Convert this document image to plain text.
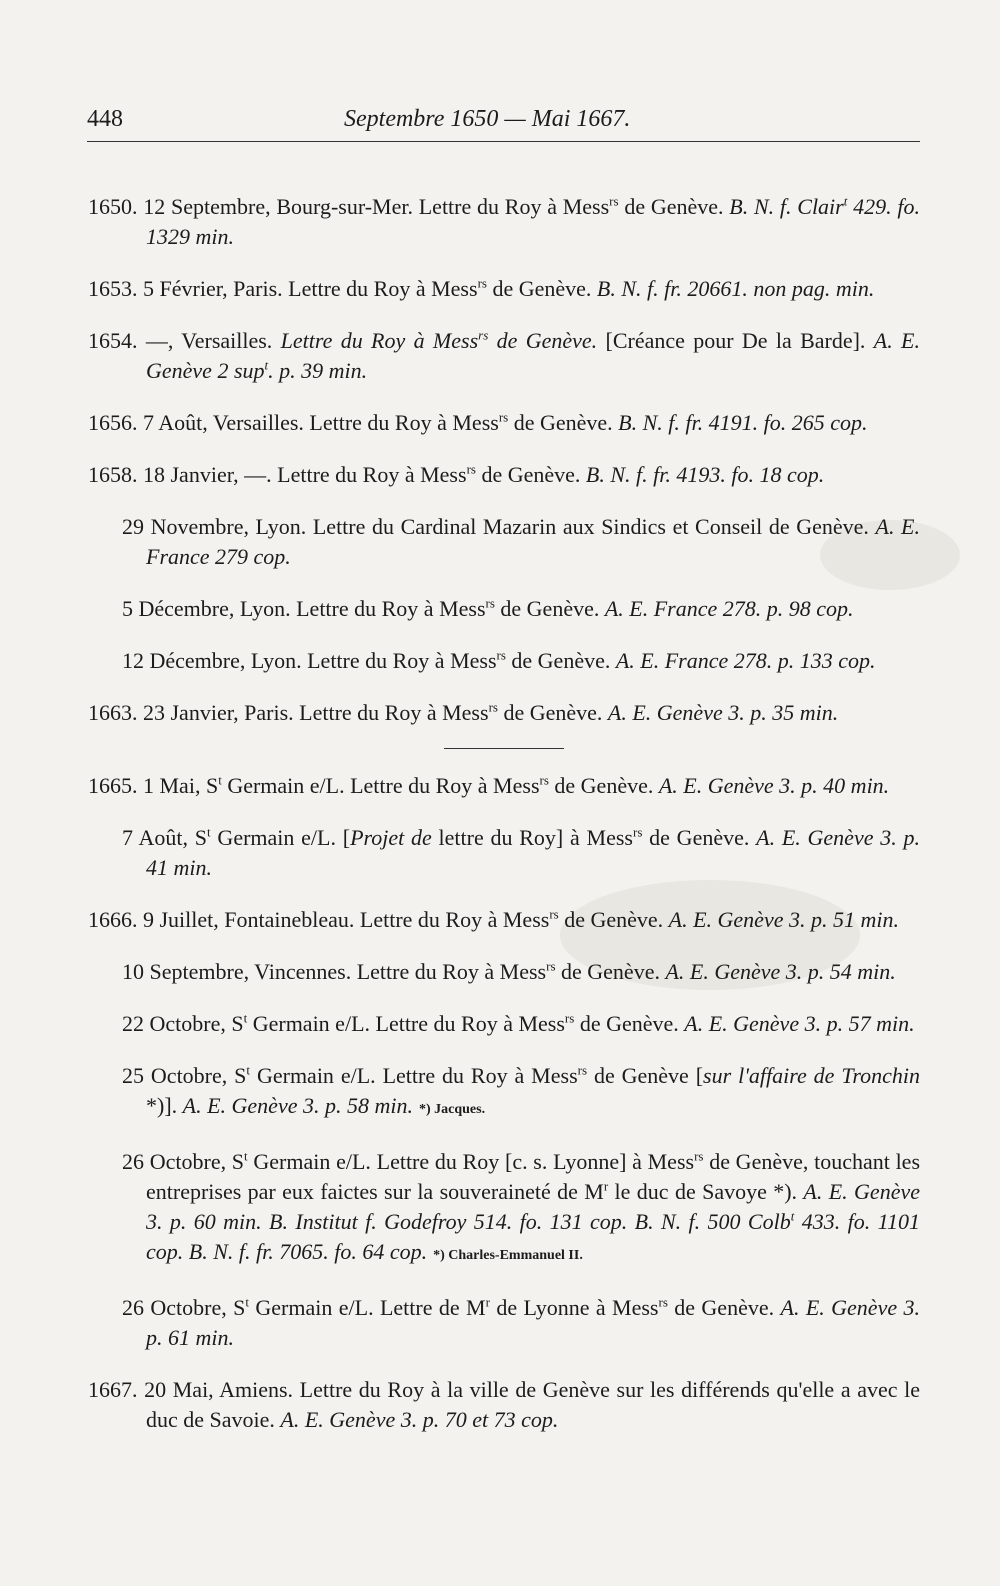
448	Septembre 1650 — Mai 1667.

1650. 12 Septembre, Bourg-sur-Mer. Lettre du Roy à Mess$^{rs}$ de Genève. B. N. f. Clair$^t$ 429. fo. 1329 min.

1653. 5 Février, Paris. Lettre du Roy à Mess$^{rs}$ de Genève. B. N. f. fr. 20661. non pag. min.

1654. —, Versailles. Lettre du Roy à Mess$^{rs}$ de Genève. [Créance pour De la Barde]. A. E. Genève 2 sup$^t$. p. 39 min.

1656. 7 Août, Versailles. Lettre du Roy à Mess$^{rs}$ de Genève. B. N. f. fr. 4191. fo. 265 cop.

1658. 18 Janvier, —. Lettre du Roy à Mess$^{rs}$ de Genève. B. N. f. fr. 4193. fo. 18 cop.

29 Novembre, Lyon. Lettre du Cardinal Mazarin aux Sindics et Conseil de Genève. A. E. France 279 cop.

5 Décembre, Lyon. Lettre du Roy à Mess$^{rs}$ de Genève. A. E. France 278. p. 98 cop.

12 Décembre, Lyon. Lettre du Roy à Mess$^{rs}$ de Genève. A. E. France 278. p. 133 cop.

1663. 23 Janvier, Paris. Lettre du Roy à Mess$^{rs}$ de Genève. A. E. Genève 3. p. 35 min.

1665. 1 Mai, $S^t$ Germain e/L. Lettre du Roy à Mess$^{rs}$ de Genève. A. E. Genève 3. p. 40 min.

7 Août, $S^t$ Germain e/L. [Projet de lettre du Roy] à Mess$^{rs}$ de Genève. A. E. Genève 3. p. 41 min.

1666. 9 Juillet, Fontainebleau. Lettre du Roy à Mess$^{rs}$ de Genève. A. E. Genève 3. p. 51 min.

10 Septembre, Vincennes. Lettre du Roy à Mess$^{rs}$ de Genève. A. E. Genève 3. p. 54 min.

22 Octobre, $S^t$ Germain e/L. Lettre du Roy à Mess$^{rs}$ de Genève. A. E. Genève 3. p. 57 min.

25 Octobre, $S^t$ Germain e/L. Lettre du Roy à Mess$^{rs}$ de Genève [sur l'affaire de Tronchin *)]. A. E. Genève 3. p. 58 min. *) Jacques.

26 Octobre, $S^t$ Germain e/L. Lettre du Roy [c. s. Lyonne] à Mess$^{rs}$ de Genève, touchant les entreprises par eux faictes sur la souveraineté de $M^r$ le duc de Savoye *). A. E. Genève 3. p. 60 min. B. Institut f. Godefroy 514. fo. 131 cop. B. N. f. 500 Colb$^t$ 433. fo. 1101 cop. B. N. f. fr. 7065. fo. 64 cop. *) Charles-Emmanuel II.

26 Octobre, $S^t$ Germain e/L. Lettre de $M^r$ de Lyonne à Mess$^{rs}$ de Genève. A. E. Genève 3. p. 61 min.

1667. 20 Mai, Amiens. Lettre du Roy à la ville de Genève sur les différends qu'elle a avec le duc de Savoie. A. E. Genève 3. p. 70 et 73 cop.
